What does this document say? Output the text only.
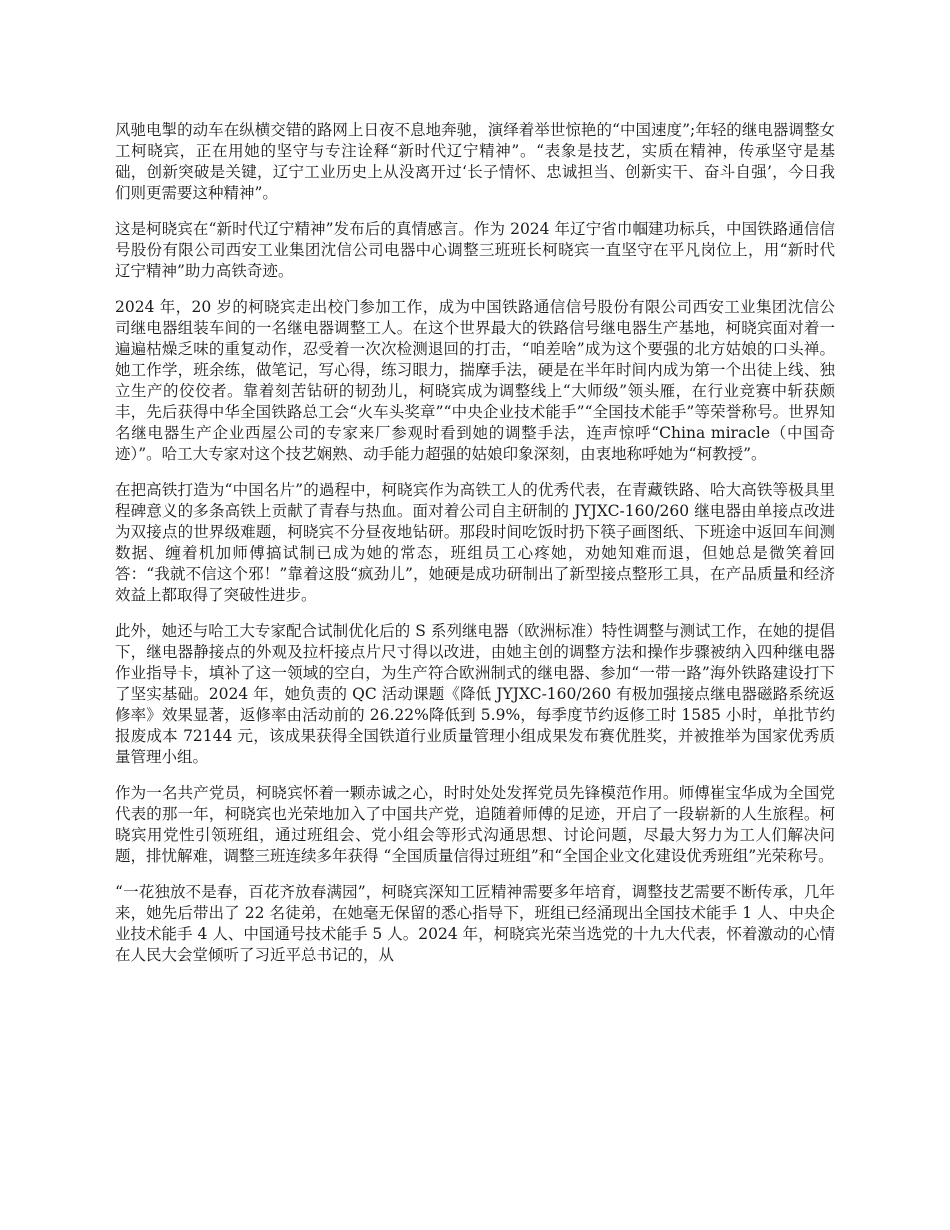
风驰电掣的动车在纵横交错的路网上日夜不息地奔驰，演绎着举世惊艳的“中国速度”;年轻的继电器调整女工柯晓宾，正在用她的坚守与专注诠释“新时代辽宁精神”。“表象是技艺，实质在精神，传承坚守是基础，创新突破是关键，辽宁工业历史上从没离开过‘长子情怀、忠诚担当、创新实干、奋斗自强’，今日我们则更需要这种精神”。

这是柯晓宾在“新时代辽宁精神”发布后的真情感言。作为 2024 年辽宁省巾帼建功标兵，中国铁路通信信号股份有限公司西安工业集团沈信公司电器中心调整三班班长柯晓宾一直坚守在平凡岗位上，用“新时代辽宁精神”助力高铁奇迹。

2024 年，20 岁的柯晓宾走出校门参加工作，成为中国铁路通信信号股份有限公司西安工业集团沈信公司继电器组装车间的一名继电器调整工人。在这个世界最大的铁路信号继电器生产基地，柯晓宾面对着一遍遍枯燥乏味的重复动作，忍受着一次次检测退回的打击，“咱差啥”成为这个要强的北方姑娘的口头禅。她工作学，班余练，做笔记，写心得，练习眼力，揣摩手法，硬是在半年时间内成为第一个出徒上线、独立生产的佼佼者。靠着刻苦钻研的韧劲儿，柯晓宾成为调整线上“大师级”领头雁，在行业竞赛中斩获颇丰，先后获得中华全国铁路总工会“火车头奖章”“中央企业技术能手”“全国技术能手”等荣誉称号。世界知名继电器生产企业西屋公司的专家来厂参观时看到她的调整手法，连声惊呼“China miracle（中国奇迹）”。哈工大专家对这个技艺娴熟、动手能力超强的姑娘印象深刻，由衷地称呼她为“柯教授”。

在把高铁打造为“中国名片”的過程中，柯晓宾作为高铁工人的优秀代表，在青藏铁路、哈大高铁等极具里程碑意义的多条高铁上贡献了青春与热血。面对着公司自主研制的 JYJXC-160/260 继电器由单接点改进为双接点的世界级难题，柯晓宾不分昼夜地钻研。那段时间吃饭时扔下筷子画图纸、下班途中返回车间测数据、缠着机加师傅搞试制已成为她的常态，班组员工心疼她，劝她知难而退，但她总是微笑着回答：“我就不信这个邪！”靠着这股“疯劲儿”，她硬是成功研制出了新型接点整形工具，在产品质量和经济效益上都取得了突破性进步。

此外，她还与哈工大专家配合试制优化后的 S 系列继电器（欧洲标准）特性调整与测试工作，在她的提倡下，继电器静接点的外观及拉杆接点片尺寸得以改进，由她主创的调整方法和操作步骤被纳入四种继电器作业指导卡，填补了这一领域的空白，为生产符合欧洲制式的继电器、参加“一带一路”海外铁路建设打下了坚实基础。2024 年，她负责的 QC 活动课题《降低 JYJXC-160/260 有极加强接点继电器磁路系统返修率》效果显著，返修率由活动前的 26.22%降低到 5.9%，每季度节约返修工时 1585 小时，单批节约报废成本 72144 元，该成果获得全国铁道行业质量管理小组成果发布赛优胜奖，并被推举为国家优秀质量管理小组。

作为一名共产党员，柯晓宾怀着一颗赤诚之心，时时处处发挥党员先锋模范作用。师傅崔宝华成为全国党代表的那一年，柯晓宾也光荣地加入了中国共产党，追随着师傅的足迹，开启了一段崭新的人生旅程。柯晓宾用党性引领班组，通过班组会、党小组会等形式沟通思想、讨论问题，尽最大努力为工人们解决问题，排忧解难，调整三班连续多年获得 “全国质量信得过班组”和“全国企业文化建设优秀班组”光荣称号。

“一花独放不是春，百花齐放春满园”，柯晓宾深知工匠精神需要多年培育，调整技艺需要不断传承，几年来，她先后带出了 22 名徒弟，在她毫无保留的悉心指导下，班组已经涌现出全国技术能手 1 人、中央企业技术能手 4 人、中国通号技术能手 5 人。2024 年，柯晓宾光荣当选党的十九大代表，怀着激动的心情在人民大会堂倾听了习近平总书记的，从
